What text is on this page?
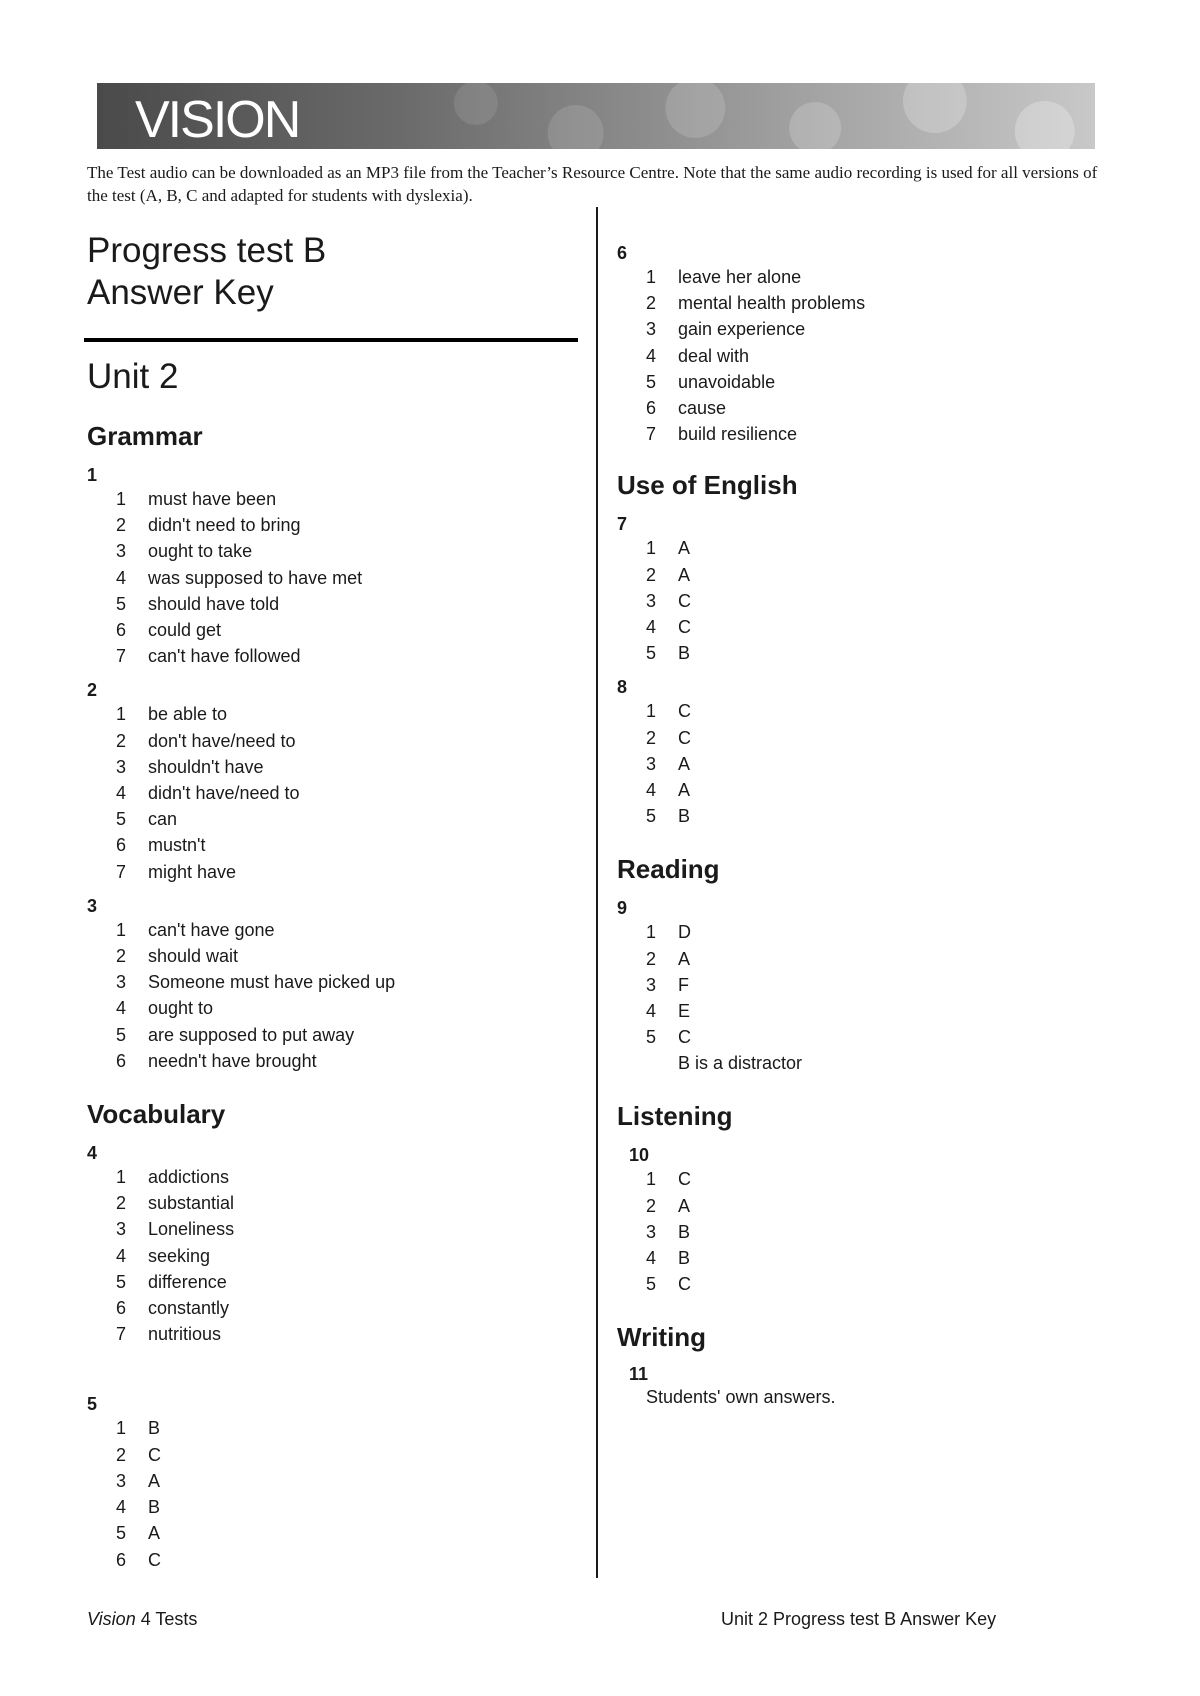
VISION
The Test audio can be downloaded as an MP3 file from the Teacher’s Resource Centre. Note that the same audio recording is used for all versions of the test (A, B, C and adapted for students with dyslexia).
Progress test B
Answer Key
Unit 2
Grammar
1
1	must have been
2	didn't need to bring
3	ought to take
4	was supposed to have met
5	should have told
6	could get
7	can't have followed
2
1	be able to
2	don't have/need to
3	shouldn't have
4	didn't have/need to
5	can
6	mustn't
7	might have
3
1	can't have gone
2	should wait
3	Someone must have picked up
4	ought to
5	are supposed to put away
6	needn't have brought
Vocabulary
4
1	addictions
2	substantial
3	Loneliness
4	seeking
5	difference
6	constantly
7	nutritious
5
1	B
2	C
3	A
4	B
5	A
6	C
6
1	leave her alone
2	mental health problems
3	gain experience
4	deal with
5	unavoidable
6	cause
7	build resilience
Use of English
7
1	A
2	A
3	C
4	C
5	B
8
1	C
2	C
3	A
4	A
5	B
Reading
9
1	D
2	A
3	F
4	E
5	C
B is a distractor
Listening
10
1	C
2	A
3	B
4	B
5	C
Writing
11
Students' own answers.
Vision 4 Tests	Unit 2 Progress test B Answer Key
